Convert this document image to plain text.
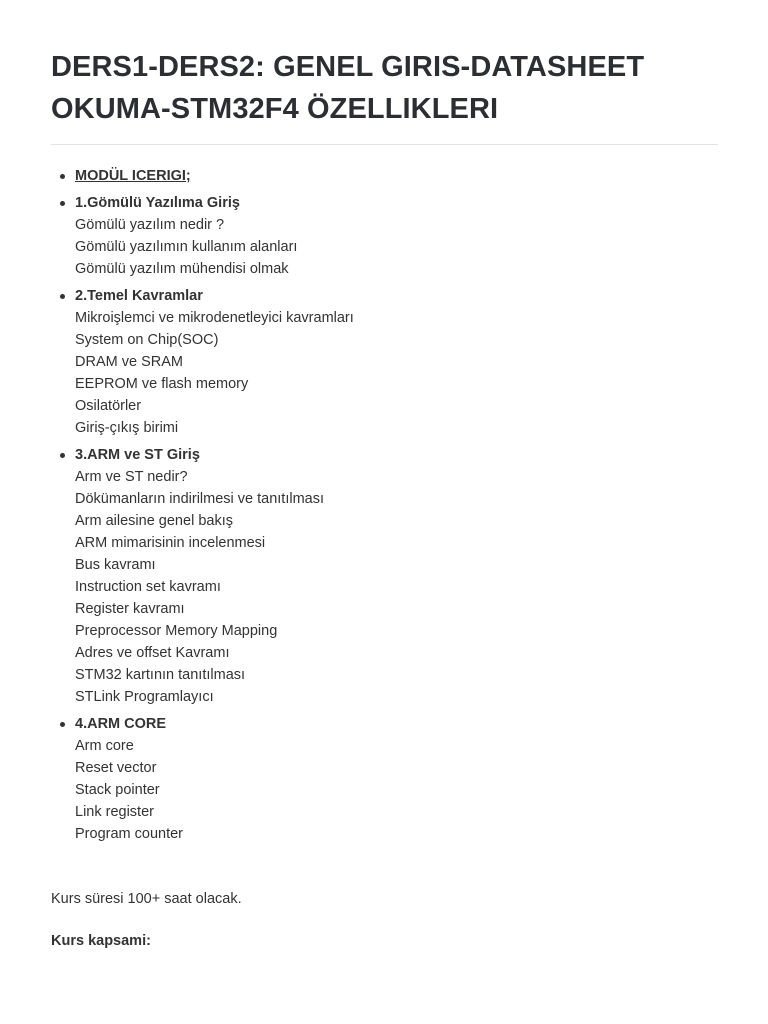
DERS1-DERS2: GENEL GIRIS-DATASHEET OKUMA-STM32F4 ÖZELLIKLERI
MODÜL ICERIGI;
1.Gömülü Yazılıma Giriş
Gömülü yazılım nedir ?
Gömülü yazılımın kullanım alanları
Gömülü yazılım mühendisi olmak
2.Temel Kavramlar
Mikroişlemci ve mikrodenetleyici kavramları
System on Chip(SOC)
DRAM ve SRAM
EEPROM ve flash memory
Osilatörler
Giriş-çıkış birimi
3.ARM ve ST Giriş
Arm ve ST nedir?
Dökümanların indirilmesi ve tanıtılması
Arm ailesine genel bakış
ARM mimarisinin incelenmesi
Bus kavramı
Instruction set kavramı
Register kavramı
Preprocessor Memory Mapping
Adres ve offset Kavramı
STM32 kartının tanıtılması
STLink Programlayıcı
4.ARM CORE
Arm core
Reset vector
Stack pointer
Link register
Program counter

Kurs süresi 100+ saat olacak.

Kurs kapsami:
